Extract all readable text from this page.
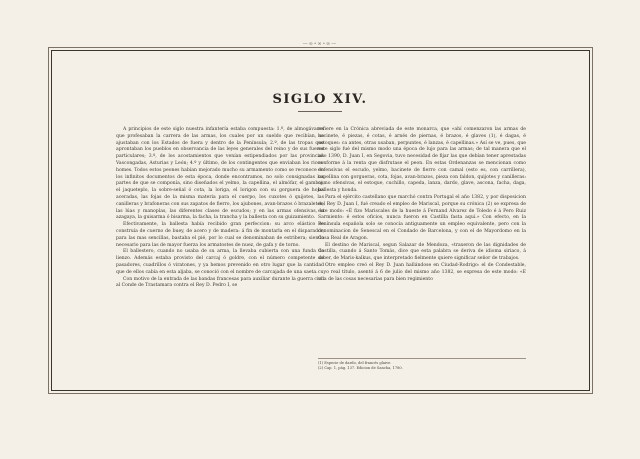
—∞∘∞∘∞—
SIGLO XIV.

A principios de este siglo nuestra infantería estaba compuesta: 1.º, de almogávares que profesaban la carrera de las armas, los cuales por un sueldo que recibían, se ajustaban con los Estados de fuera y dentro de la Península; 2.º, de las tropas que aprontaban los pueblos en observancia de las leyes generales del reino y de sus fueros particulares; 3.º, de los acostamientos que venían estipendiados por las provincias Vascongadas, Asturias y León; 4.º y último, de los contingentes que enviaban los ricos-homes. Todos estos peones habían mejorado mucho su armamento como se reconoce en los infinitos documentos de esta época, donde encontramos, no solo consignadas las partes de que se componía, sino diseñados el yelmo, la capellina, el almófar, el gambaj, el jaqueteplo, la sobre-señal ó cota, la loriga, el lorigon con su gorguera de hojas aceradas, las fojas de la misma materia para el cuerpo, los cuxotes ó quijotes, las canilleras y brafoneras con sus zapatos de fierro, los ajubones, avan-brazos ó brazaletes; las lúas y manoplas, las diferentes clases de escudos; y en las armas ofensivas, la azagaya, la guisarma ó bisarma, la fachа, la trancha y la ballesta con su guizamiento.

Efectivamente, la ballesta había recibido gran perfeccion: su arco elástico se construía de cuerno de buey, de acero y de madera: á fin de montarla en el disparador, para las mas sencillas, bastaba el pié, por lo cual se denominaban de estribera; siendo necesario para las de mayor fuerza los armatostes de nuez, de gafa y de torno.

El ballestero, cuando no usaba de su arma, la llevaba cubierta con una funda de lienzo. Además estaba provisto del carcaj ó goldre, con el número competente de pasadores, cuadrillos ó viratones, y ya hemos prevenido en otro lugar que la cantidad que de ellos cabía en esta aljaba, se conoció con el nombre de carcajada de una saeta.

Con motivo de la entrada de las bandas francesas para auxiliar durante la guerra civil al Conde de Trastamara contra el Rey D. Pedro I, se

refiere en la Crónica abreviada de este monarca, que «ahí comenzaron las armas de bacinete, é piezas, é cotas, é arnés de piernas, é brazos, é glaves (1), é dagas, é estoques: ca antes, otras usaban, perpuntes, é lanzas, é capellinas.» Así se ve, pues, que este siglo fué del mismo modo una época de lujo para las armas; de tal manera que el año 1390, D. Juan I, en Segovia, tuvo necesidad de fijar las que debían tener aprestadas conforme á la renta que disfrutase el peon. En estas Ordenanzas se mencionan como defensivas el escudo, yelmo, bacinete de fierro con camal (esto es, con carrillera), capellina con gorgueras, cota, fojas, avan-brazos, pieza con faldon, quijotes y canilleras: como ofensivas, el estoque, cuchillo, capeda, lanza, dardo, glave, ascona, fachа, daga, ballesta y honda.

Para el ejército castellano que marchó contra Portugal el año 1382, y por disposicion del Rey D. Juan I, fué creado el empleo de Mariscal, porque su crónica (2) se expresa de este modo: «É fizo Mariscales de la hueste á Fernand Alvarez de Toledo é á Pero Ruiz Sarmiento: é estos oficios, nunca fueron en Castilla fasta aquí.» Con efecto, en la Península española solo se conocía antiguamente un empleo equivalente, pero con la denominacion de Senescal en el Condado de Barcelona, y con el de Mayordomo en la Casa Real de Aragon.

El destino de Mariscal, segun Salazar de Mendoza, «traxeron de las dignidades de Castilla, cuando á Santo Tomás, dice que esta palabra se deriva de idioma siriaco, á saber, de Maris-kalkus, que interpretado fielmente quiere significar señor de trabajos.

Otro empleo creó el Rey D. Juan hallándose en Ciudad-Rodrigo: el de Condestable, cuyo real título, asentó á 6 de julio del mismo año 1382, se expresa de este modo: «E una de las cosas necesarias para bien regimiento

(1) Especie de dardo, del francés glaive.
(2) Cap. 1, pág. 137. Edicion de Sancha, 1780.
